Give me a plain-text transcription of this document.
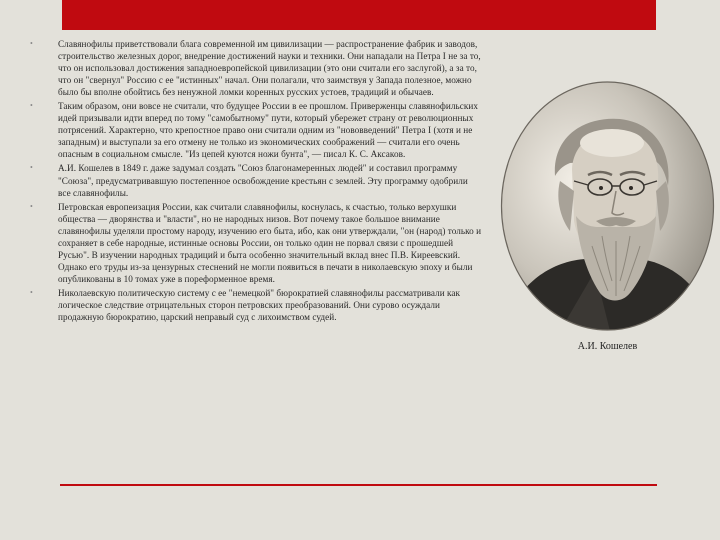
•	Славянофилы приветствовали блага современной им цивилизации — распространение фабрик и заводов, строительство железных дорог, внедрение достижений науки и техники. Они нападали на Петра I не за то, что он использовал достижения западноевропейской цивилизации (это они считали его заслугой), а за то, что он "свернул" Россию с ее "истинных" начал. Они полагали, что заимствуя у Запада полезное, можно было бы вполне обойтись без ненужной ломки коренных русских устоев, традиций и обычаев.
•	Таким образом, они вовсе не считали, что будущее России в ее прошлом. Приверженцы славянофильских идей призывали идти вперед по тому "самобытному" пути, который убережет страну от революционных потрясений. Характерно, что крепостное право они считали одним из "нововведений" Петра I (хотя и не западным) и выступали за его отмену не только из экономических соображений — считали его очень опасным в социальном смысле. "Из цепей куются ножи бунта", — писал К. С. Аксаков.
•	А.И. Кошелев в 1849 г. даже задумал создать "Союз благонамеренных людей" и составил программу "Союза", предусматривавшую постепенное освобождение крестьян с землей. Эту программу одобрили все славянофилы.
•	Петровская европеизация России, как считали славянофилы, коснулась, к счастью, только верхушки общества — дворянства и "власти", но не народных низов. Вот почему такое большое внимание славянофилы уделяли простому народу, изучению его быта, ибо, как они утверждали, "он (народ) только и сохраняет в себе народные, истинные основы России, он только один не порвал связи с прошедшей Русью". В изучении народных традиций и быта особенно значительный вклад внес П.В. Киреевский. Однако его труды из-за цензурных стеснений не могли появиться в печати в николаевскую эпоху и были опубликованы в 10 томах уже в пореформенное время.
•	Николаевскую политическую систему с ее "немецкой" бюрократией славянофилы рассматривали как логическое следствие отрицательных сторон петровских преобразований. Они сурово осуждали продажную бюрократию, царский неправый суд с лихоимством судей.
А.И. Кошелев
